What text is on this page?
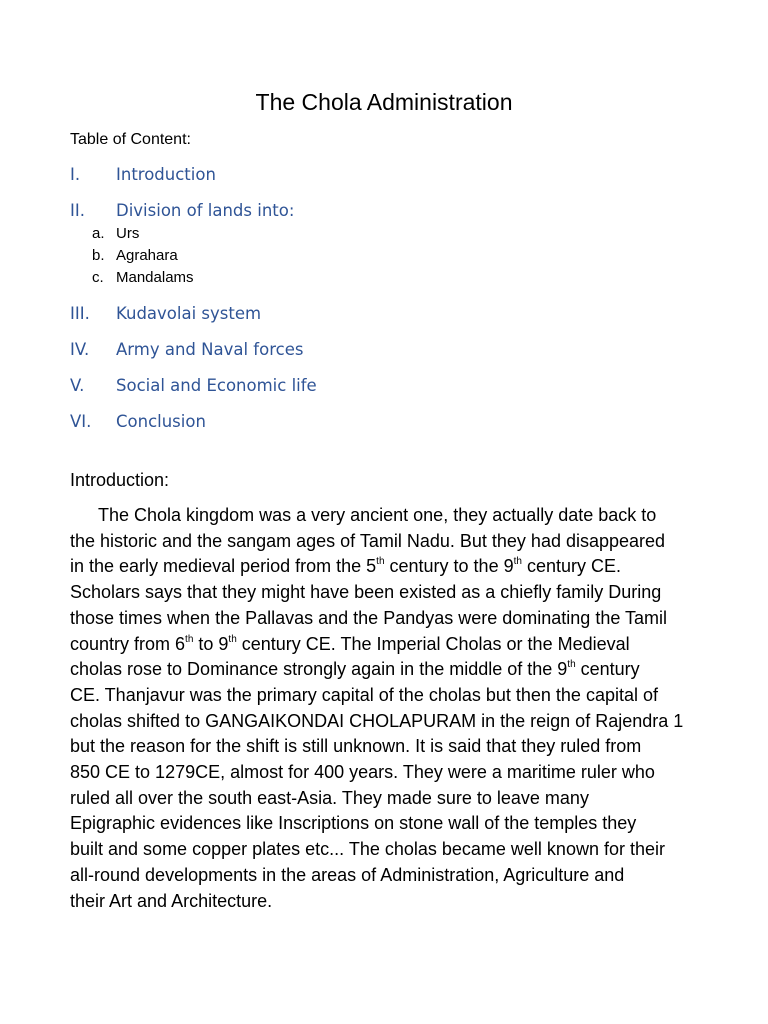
The Chola Administration
Table of Content:
I. Introduction
II. Division of lands into:
a. Urs
b. Agrahara
c. Mandalams
III. Kudavolai system
IV. Army and Naval forces
V. Social and Economic life
VI. Conclusion
Introduction:
The Chola kingdom was a very ancient one, they actually date back to
the historic and the sangam ages of Tamil Nadu. But they had disappeared
in the early medieval period from the 5th century to the 9th century CE.
Scholars says that they might have been existed as a chiefly family During
those times when the Pallavas and the Pandyas were dominating the Tamil
country from 6th to 9th century CE. The Imperial Cholas or the Medieval
cholas rose to Dominance strongly again in the middle of the 9th century
CE. Thanjavur was the primary capital of the cholas but then the capital of
cholas shifted to GANGAIKONDAI CHOLAPURAM in the reign of Rajendra 1
but the reason for the shift is still unknown. It is said that they ruled from
850 CE to 1279CE, almost for 400 years. They were a maritime ruler who
ruled all over the south east-Asia. They made sure to leave many
Epigraphic evidences like Inscriptions on stone wall of the temples they
built and some copper plates etc... The cholas became well known for their
all-round developments in the areas of Administration, Agriculture and
their Art and Architecture.
